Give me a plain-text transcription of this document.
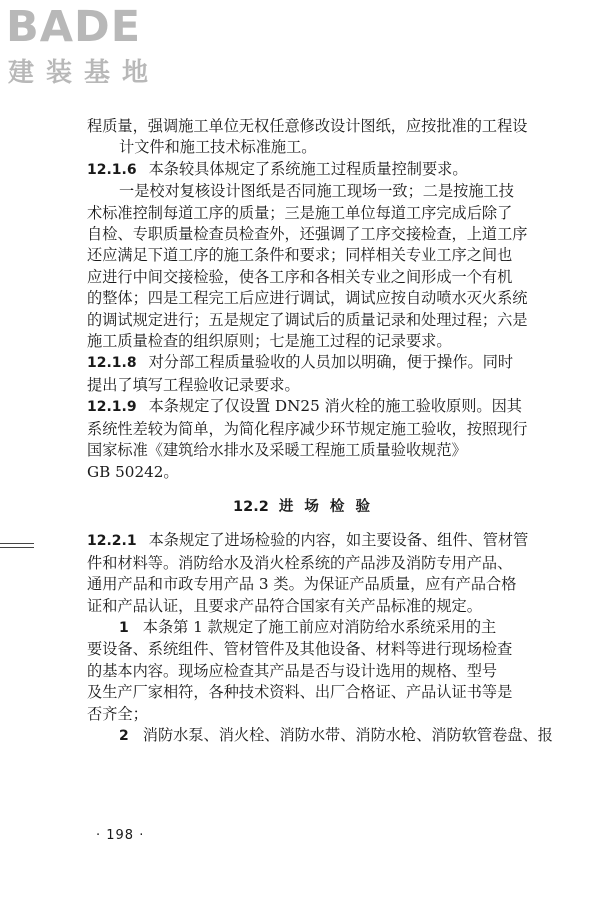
BADE
建装基地

程质量，强调施工单位无权任意修改设计图纸，应按批准的工程设

计文件和施工技术标准施工。

12.1.6 本条较具体规定了系统施工过程质量控制要求。

一是校对复核设计图纸是否同施工现场一致；二是按施工技

术标准控制每道工序的质量；三是施工单位每道工序完成后除了

自检、专职质量检查员检查外，还强调了工序交接检查，上道工序

还应满足下道工序的施工条件和要求；同样相关专业工序之间也

应进行中间交接检验，使各工序和各相关专业之间形成一个有机

的整体；四是工程完工后应进行调试，调试应按自动喷水灭火系统

的调试规定进行；五是规定了调试后的质量记录和处理过程；六是

施工质量检查的组织原则；七是施工过程的记录要求。

12.1.8 对分部工程质量验收的人员加以明确，便于操作。同时

提出了填写工程验收记录要求。

12.1.9 本条规定了仅设置 DN25 消火栓的施工验收原则。因其

系统性差较为简单，为简化程序减少环节规定施工验收，按照现行

国家标准《建筑给水排水及采暖工程施工质量验收规范》

GB 50242。

12.2 进 场 检 验

12.2.1 本条规定了进场检验的内容，如主要设备、组件、管材管

件和材料等。消防给水及消火栓系统的产品涉及消防专用产品、

通用产品和市政专用产品 3 类。为保证产品质量，应有产品合格

证和产品认证，且要求产品符合国家有关产品标准的规定。

1 本条第 1 款规定了施工前应对消防给水系统采用的主

要设备、系统组件、管材管件及其他设备、材料等进行现场检查

的基本内容。现场应检查其产品是否与设计选用的规格、型号

及生产厂家相符，各种技术资料、出厂合格证、产品认证书等是

否齐全；

2 消防水泵、消火栓、消防水带、消防水枪、消防软管卷盘、报

· 198 ·
